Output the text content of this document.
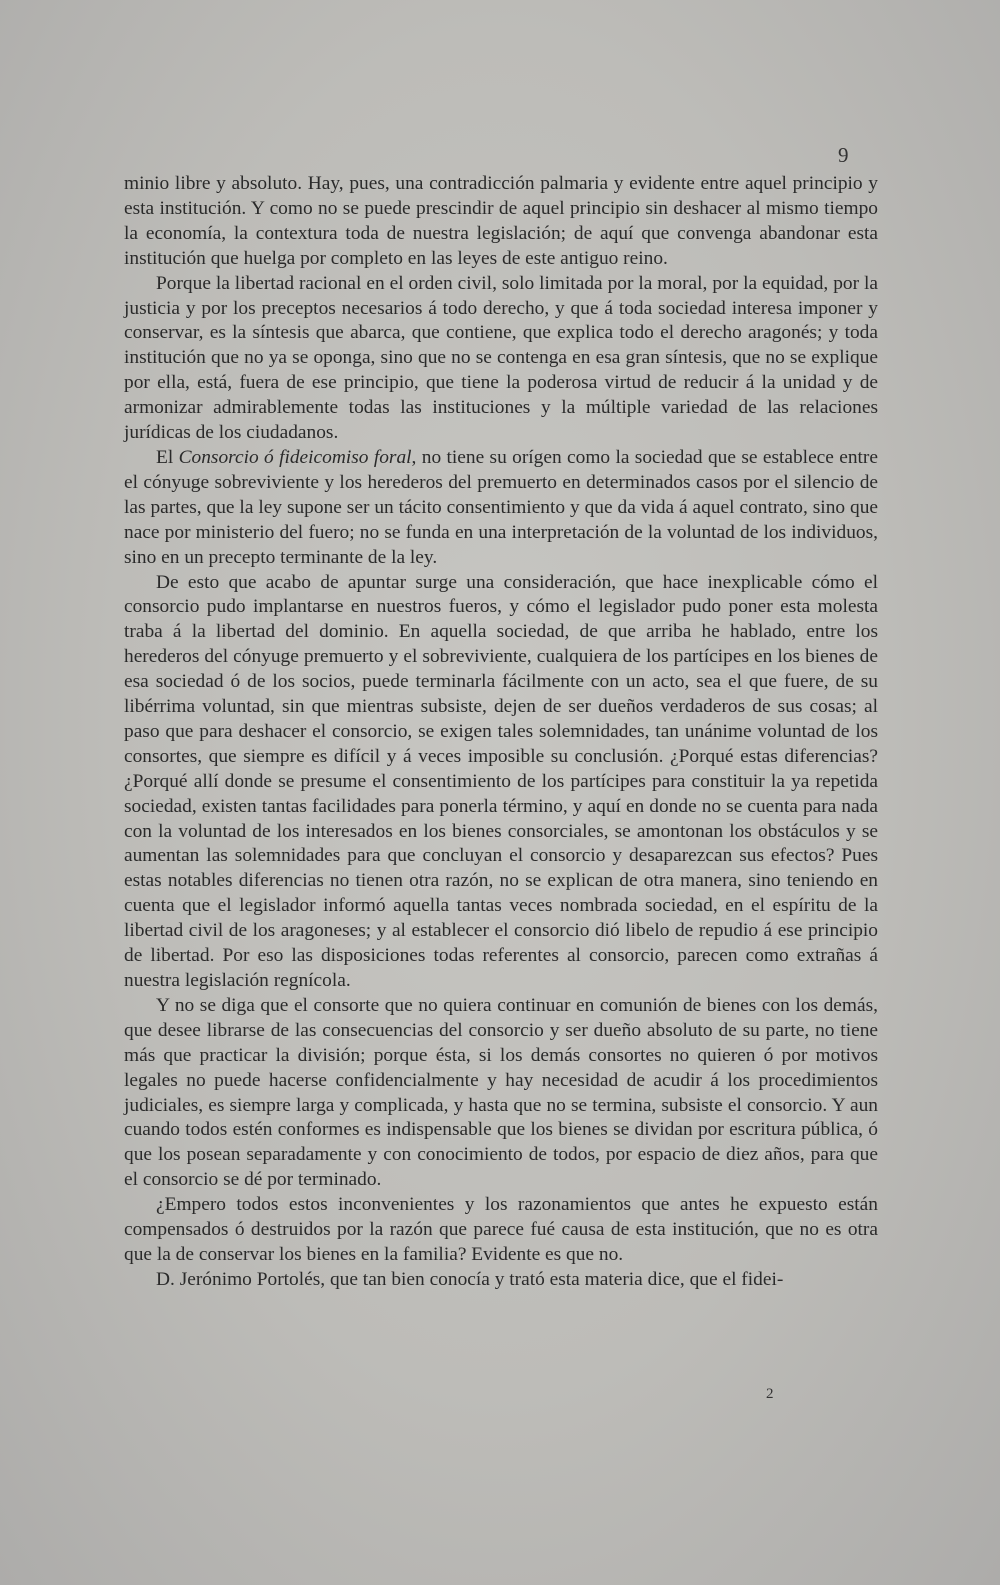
9

minio libre y absoluto. Hay, pues, una contradicción palmaria y evidente entre aquel principio y esta institución. Y como no se puede prescindir de aquel principio sin deshacer al mismo tiempo la economía, la contextura toda de nuestra legislación; de aquí que convenga abandonar esta institución que huelga por completo en las leyes de este antiguo reino.

Porque la libertad racional en el orden civil, solo limitada por la moral, por la equidad, por la justicia y por los preceptos necesarios á todo derecho, y que á toda sociedad interesa imponer y conservar, es la síntesis que abarca, que contiene, que explica todo el derecho aragonés; y toda institución que no ya se oponga, sino que no se contenga en esa gran síntesis, que no se explique por ella, está, fuera de ese principio, que tiene la poderosa virtud de reducir á la unidad y de armonizar admirablemente todas las instituciones y la múltiple variedad de las relaciones jurídicas de los ciudadanos.

El Consorcio ó fideicomiso foral, no tiene su orígen como la sociedad que se establece entre el cónyuge sobreviviente y los herederos del premuerto en determinados casos por el silencio de las partes, que la ley supone ser un tácito consentimiento y que da vida á aquel contrato, sino que nace por ministerio del fuero; no se funda en una interpretación de la voluntad de los individuos, sino en un precepto terminante de la ley.

De esto que acabo de apuntar surge una consideración, que hace inexplicable cómo el consorcio pudo implantarse en nuestros fueros, y cómo el legislador pudo poner esta molesta traba á la libertad del dominio. En aquella sociedad, de que arriba he hablado, entre los herederos del cónyuge premuerto y el sobreviviente, cualquiera de los partícipes en los bienes de esa sociedad ó de los socios, puede terminarla fácilmente con un acto, sea el que fuere, de su libérrima voluntad, sin que mientras subsiste, dejen de ser dueños verdaderos de sus cosas; al paso que para deshacer el consorcio, se exigen tales solemnidades, tan unánime voluntad de los consortes, que siempre es difícil y á veces imposible su conclusión. ¿Porqué estas diferencias? ¿Porqué allí donde se presume el consentimiento de los partícipes para constituir la ya repetida sociedad, existen tantas facilidades para ponerla término, y aquí en donde no se cuenta para nada con la voluntad de los interesados en los bienes consorciales, se amontonan los obstáculos y se aumentan las solemnidades para que concluyan el consorcio y desaparezcan sus efectos? Pues estas notables diferencias no tienen otra razón, no se explican de otra manera, sino teniendo en cuenta que el legislador informó aquella tantas veces nombrada sociedad, en el espíritu de la libertad civil de los aragoneses; y al establecer el consorcio dió libelo de repudio á ese principio de libertad. Por eso las disposiciones todas referentes al consorcio, parecen como extrañas á nuestra legislación regnícola.

Y no se diga que el consorte que no quiera continuar en comunión de bienes con los demás, que desee librarse de las consecuencias del consorcio y ser dueño absoluto de su parte, no tiene más que practicar la división; porque ésta, si los demás consortes no quieren ó por motivos legales no puede hacerse confidencialmente y hay necesidad de acudir á los procedimientos judiciales, es siempre larga y complicada, y hasta que no se termina, subsiste el consorcio. Y aun cuando todos estén conformes es indispensable que los bienes se dividan por escritura pública, ó que los posean separadamente y con conocimiento de todos, por espacio de diez años, para que el consorcio se dé por terminado.

¿Empero todos estos inconvenientes y los razonamientos que antes he expuesto están compensados ó destruidos por la razón que parece fué causa de esta institución, que no es otra que la de conservar los bienes en la familia? Evidente es que no.

D. Jerónimo Portolés, que tan bien conocía y trató esta materia dice, que el fidei-

2
